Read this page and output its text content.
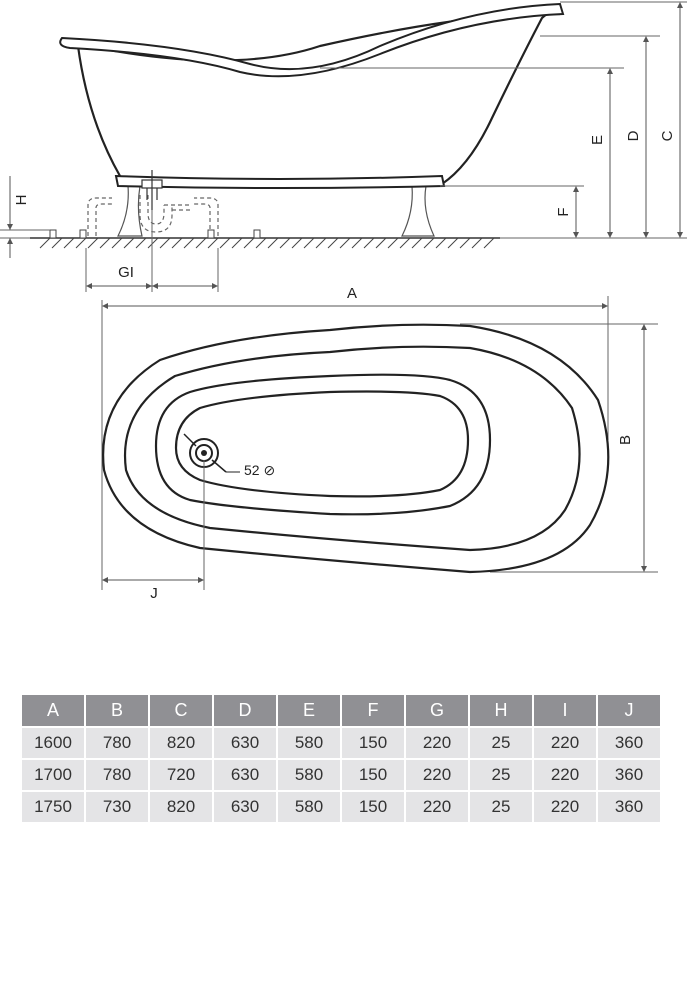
F
E D C
H
GI
A
B
52 ⊘
J
A	B	C	D	E	F	G	H	I	J
1600	780	820	630	580	150	220	25	220	360
1700	780	720	630	580	150	220	25	220	360
1750	730	820	630	580	150	220	25	220	360
